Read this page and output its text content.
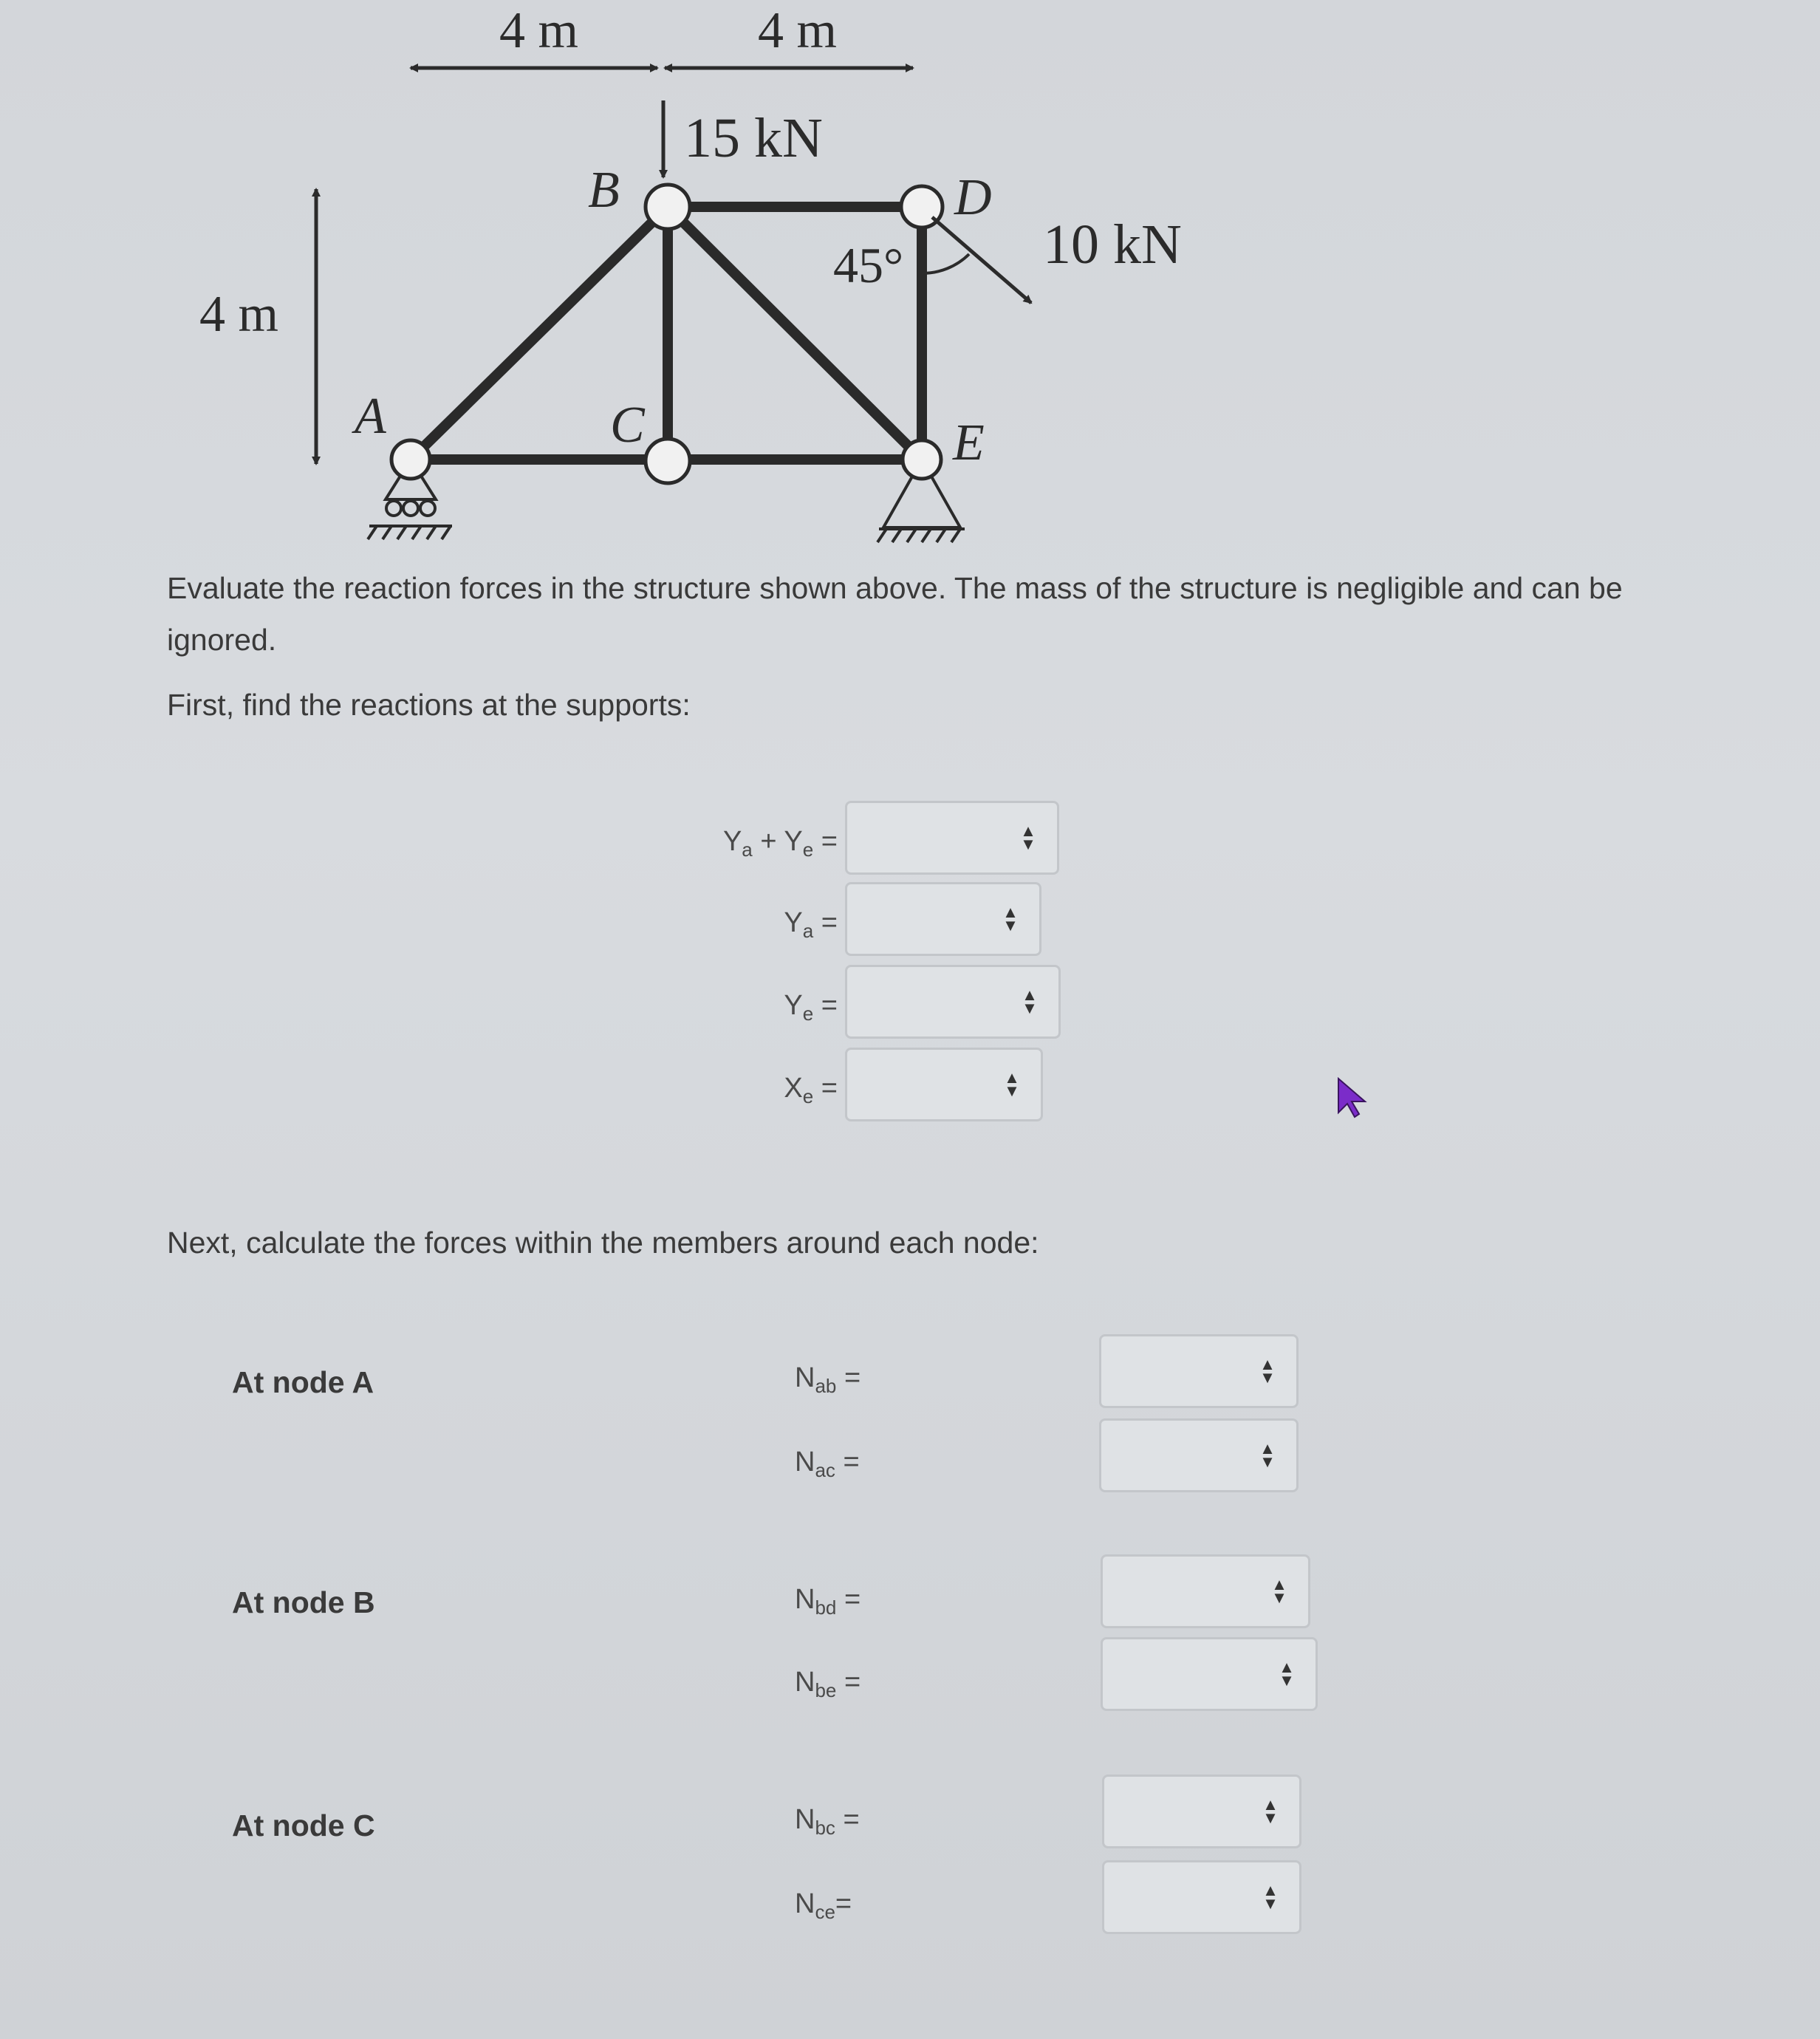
4 m	4 m
4 m
15 kN
10 kN
45°
A
B
C
D
E
Evaluate the reaction forces in the structure shown above. The mass of the structure is negligible and can be
ignored.
First, find the reactions at the supports:
$Y_a + Y_e$ =	▲
▼
$Y_a$ =	▲
▼
$Y_e$ =	▲
▼
$X_e$ =	▲
▼
Next, calculate the forces within the members around each node:
At node A	$N_{ab}$ =	▲
▼
$N_{ac}$ =	▲
▼
At node B	$N_{bd}$ =	▲
▼
$N_{be}$ =	▲
▼
At node C	$N_{bc}$ =	▲
▼
$N_{ce}=$	▲
▼
